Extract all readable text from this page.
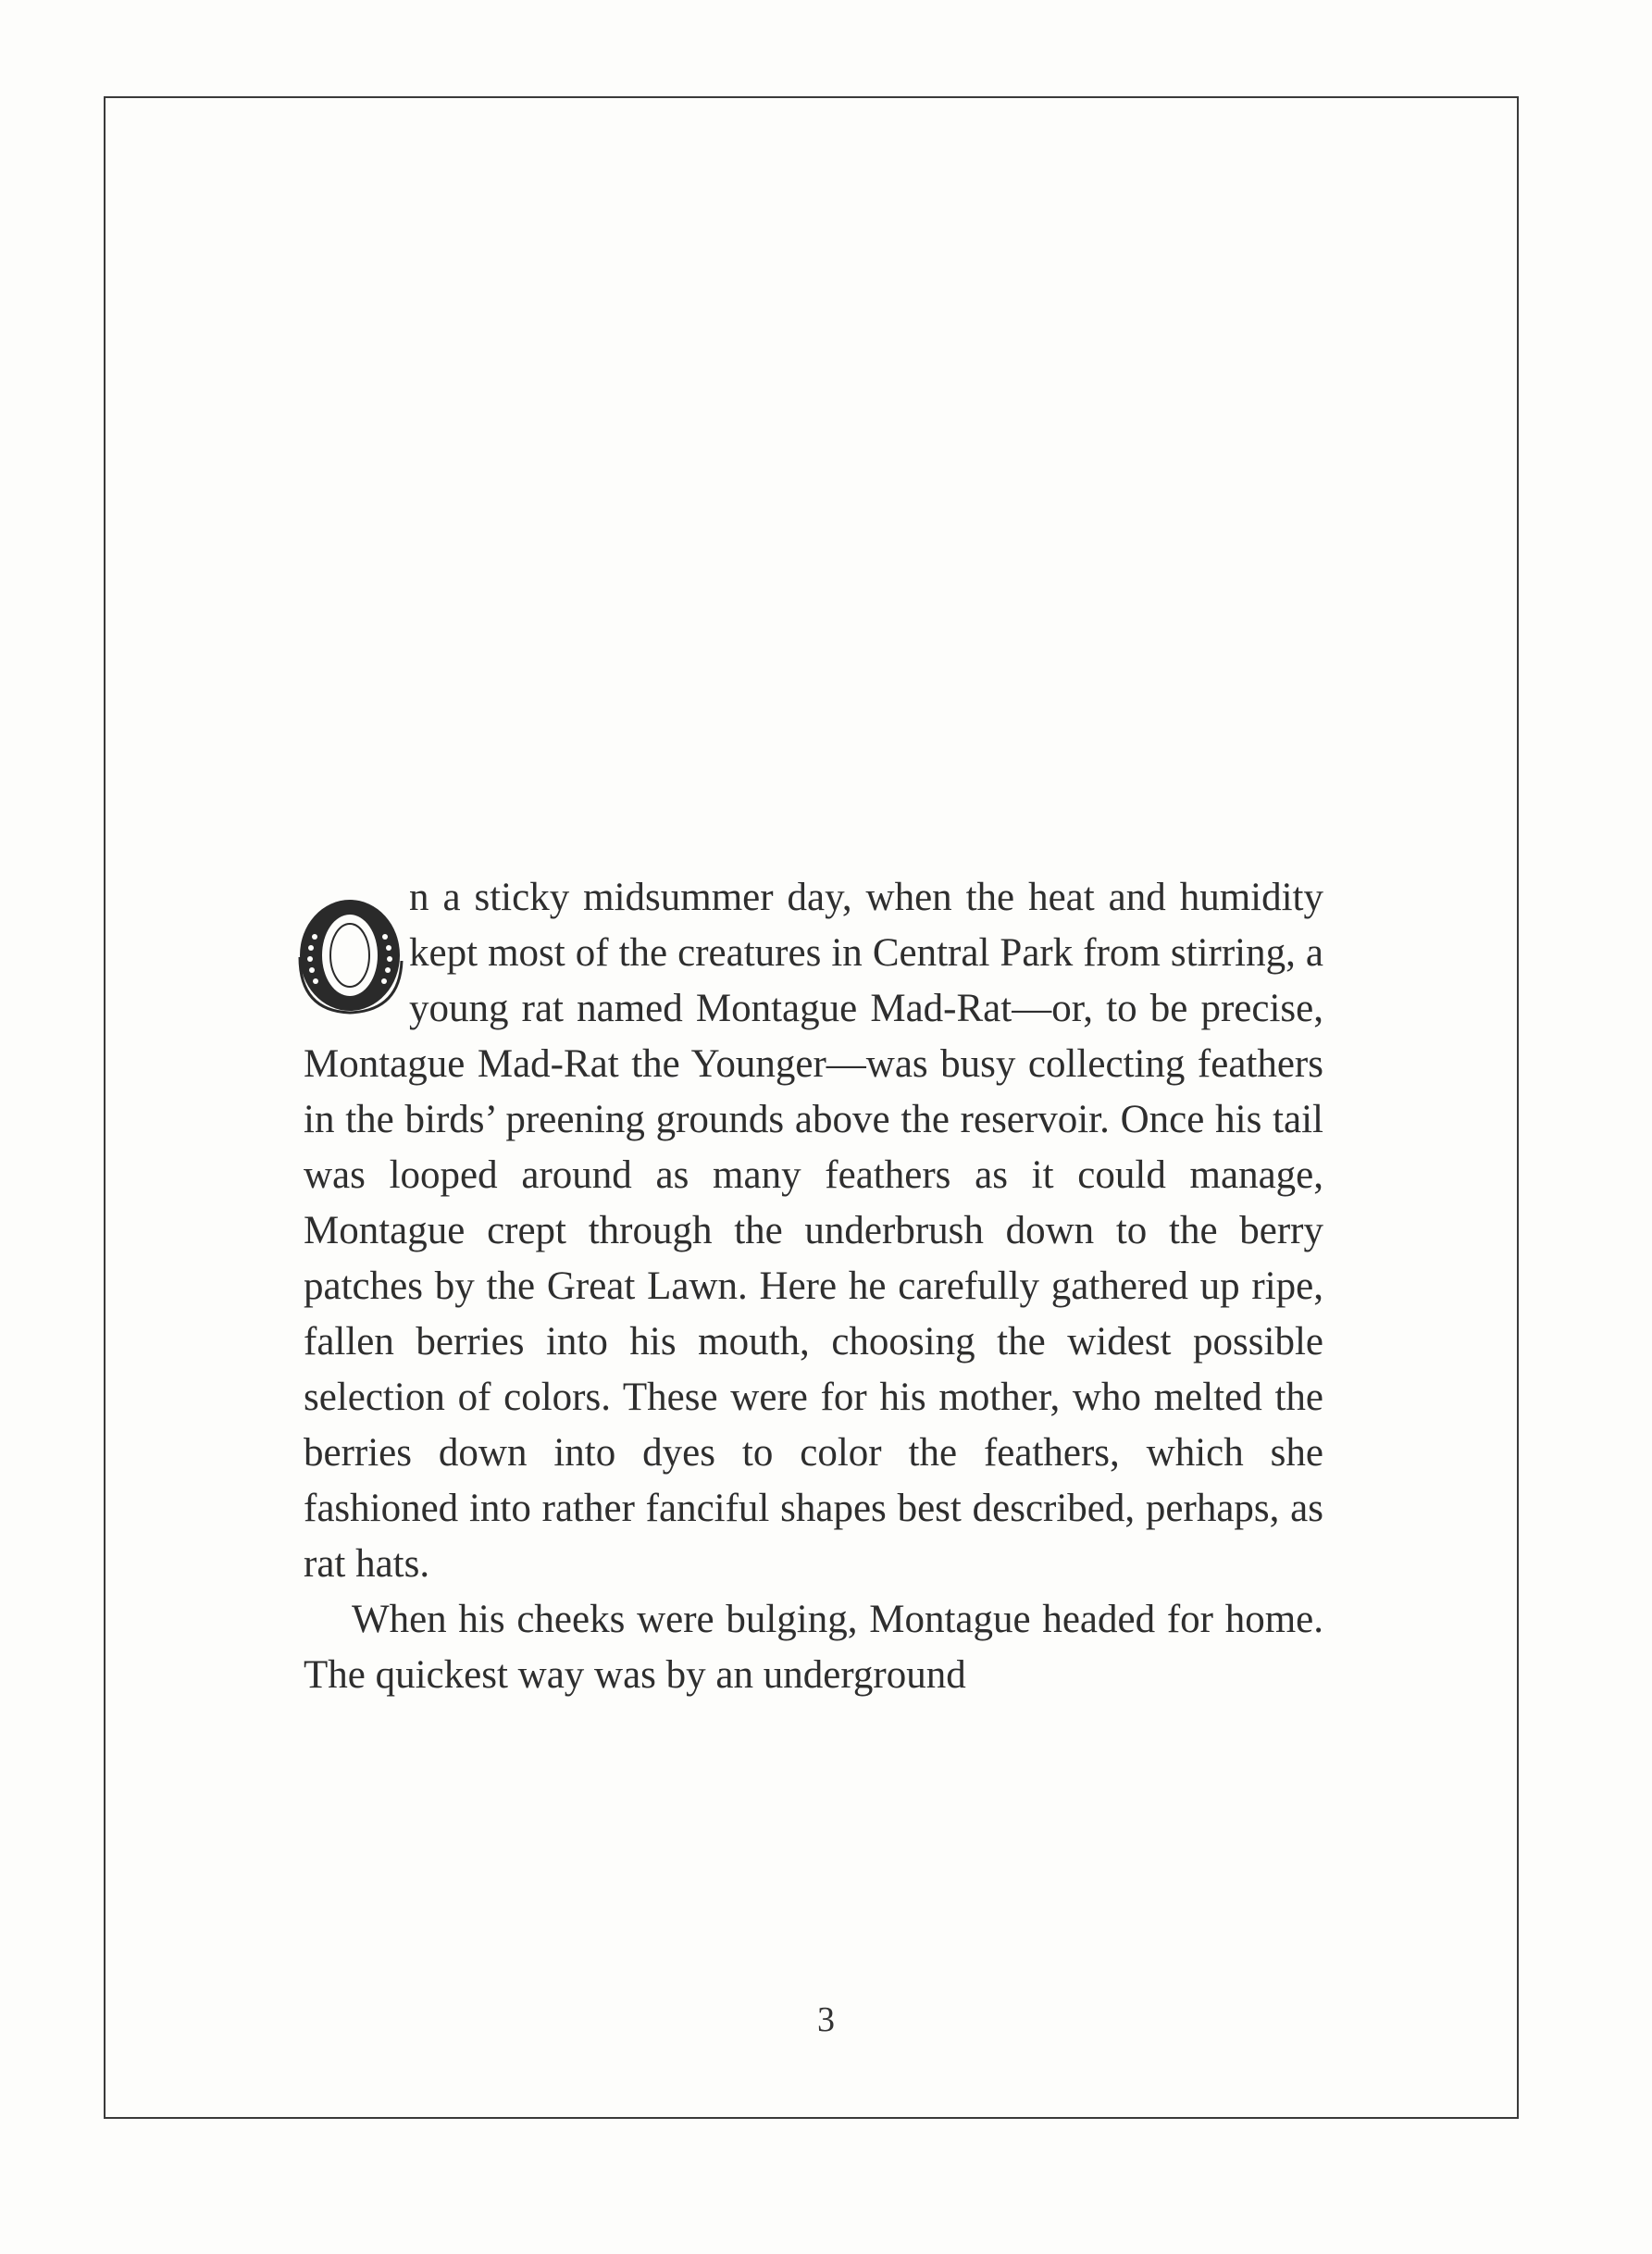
n a sticky midsummer day, when the heat and humidity kept most of the creatures in Central Park from stirring, a young rat named Montague Mad-Rat—or, to be precise, Montague Mad-Rat the Younger—was busy collecting feathers in the birds’ preening grounds above the reservoir. Once his tail was looped around as many feathers as it could manage, Montague crept through the underbrush down to the berry patches by the Great Lawn. Here he carefully gathered up ripe, fallen berries into his mouth, choosing the widest possible selection of colors. These were for his mother, who melted the berries down into dyes to color the feathers, which she fashioned into rather fanciful shapes best described, perhaps, as rat hats.

When his cheeks were bulging, Montague headed for home. The quickest way was by an underground

3
